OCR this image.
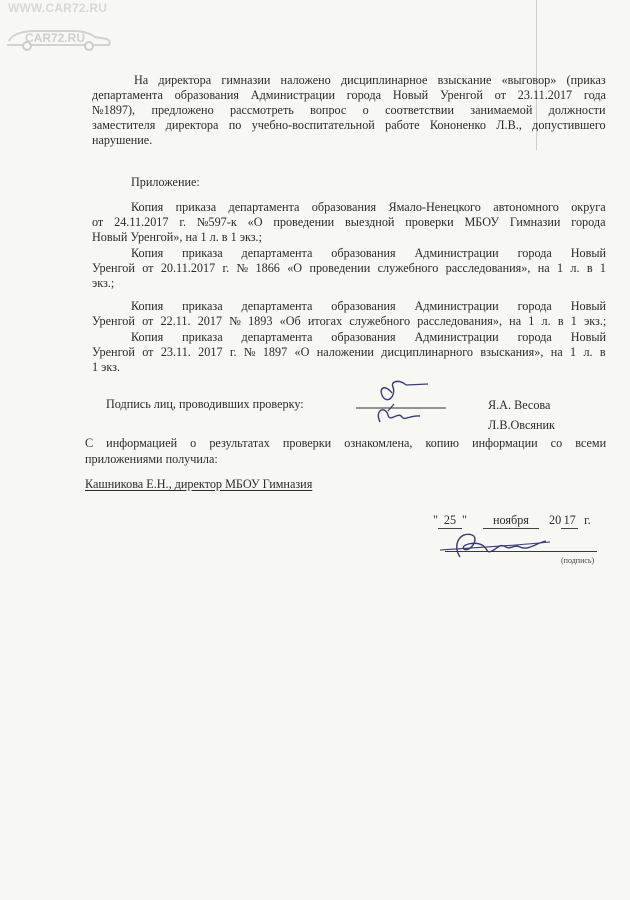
WWW.CAR72.RU
CAR72.RU
На директора гимназии наложено дисциплинарное взыскание «выговор» (приказ
департамента образования Администрации города Новый Уренгой от 23.11.2017 года
№1897), предложено рассмотреть вопрос о соответствии занимаемой должности
заместителя директора по учебно-воспитательной работе Кононенко Л.В., допустившего
нарушение.
Приложение:
Копия приказа департамента образования Ямало-Ненецкого автономного округа
от 24.11.2017 г. №597-к «О проведении выездной проверки МБОУ Гимназии города
Новый Уренгой», на 1 л. в 1 экз.;
Копия приказа департамента образования Администрации города Новый
Уренгой от 20.11.2017 г. № 1866 «О проведении служебного расследования», на 1 л. в 1
экз.;
Копия приказа департамента образования Администрации города Новый
Уренгой от 22.11. 2017 № 1893 «Об итогах служебного расследования», на 1 л. в 1 экз.;
Копия приказа департамента образования Администрации города Новый
Уренгой от 23.11. 2017 г. № 1897 «О наложении дисциплинарного взыскания», на 1 л. в
1 экз.
Подпись лиц, проводивших проверку:	Я.А. Весова
Л.В.Овсяник
С информацией о результатах проверки ознакомлена, копию информации со всеми
приложениями получила:
Кашникова Е.Н., директор МБОУ Гимназия
" 25 " ноября 20 17 г.
(подпись)
